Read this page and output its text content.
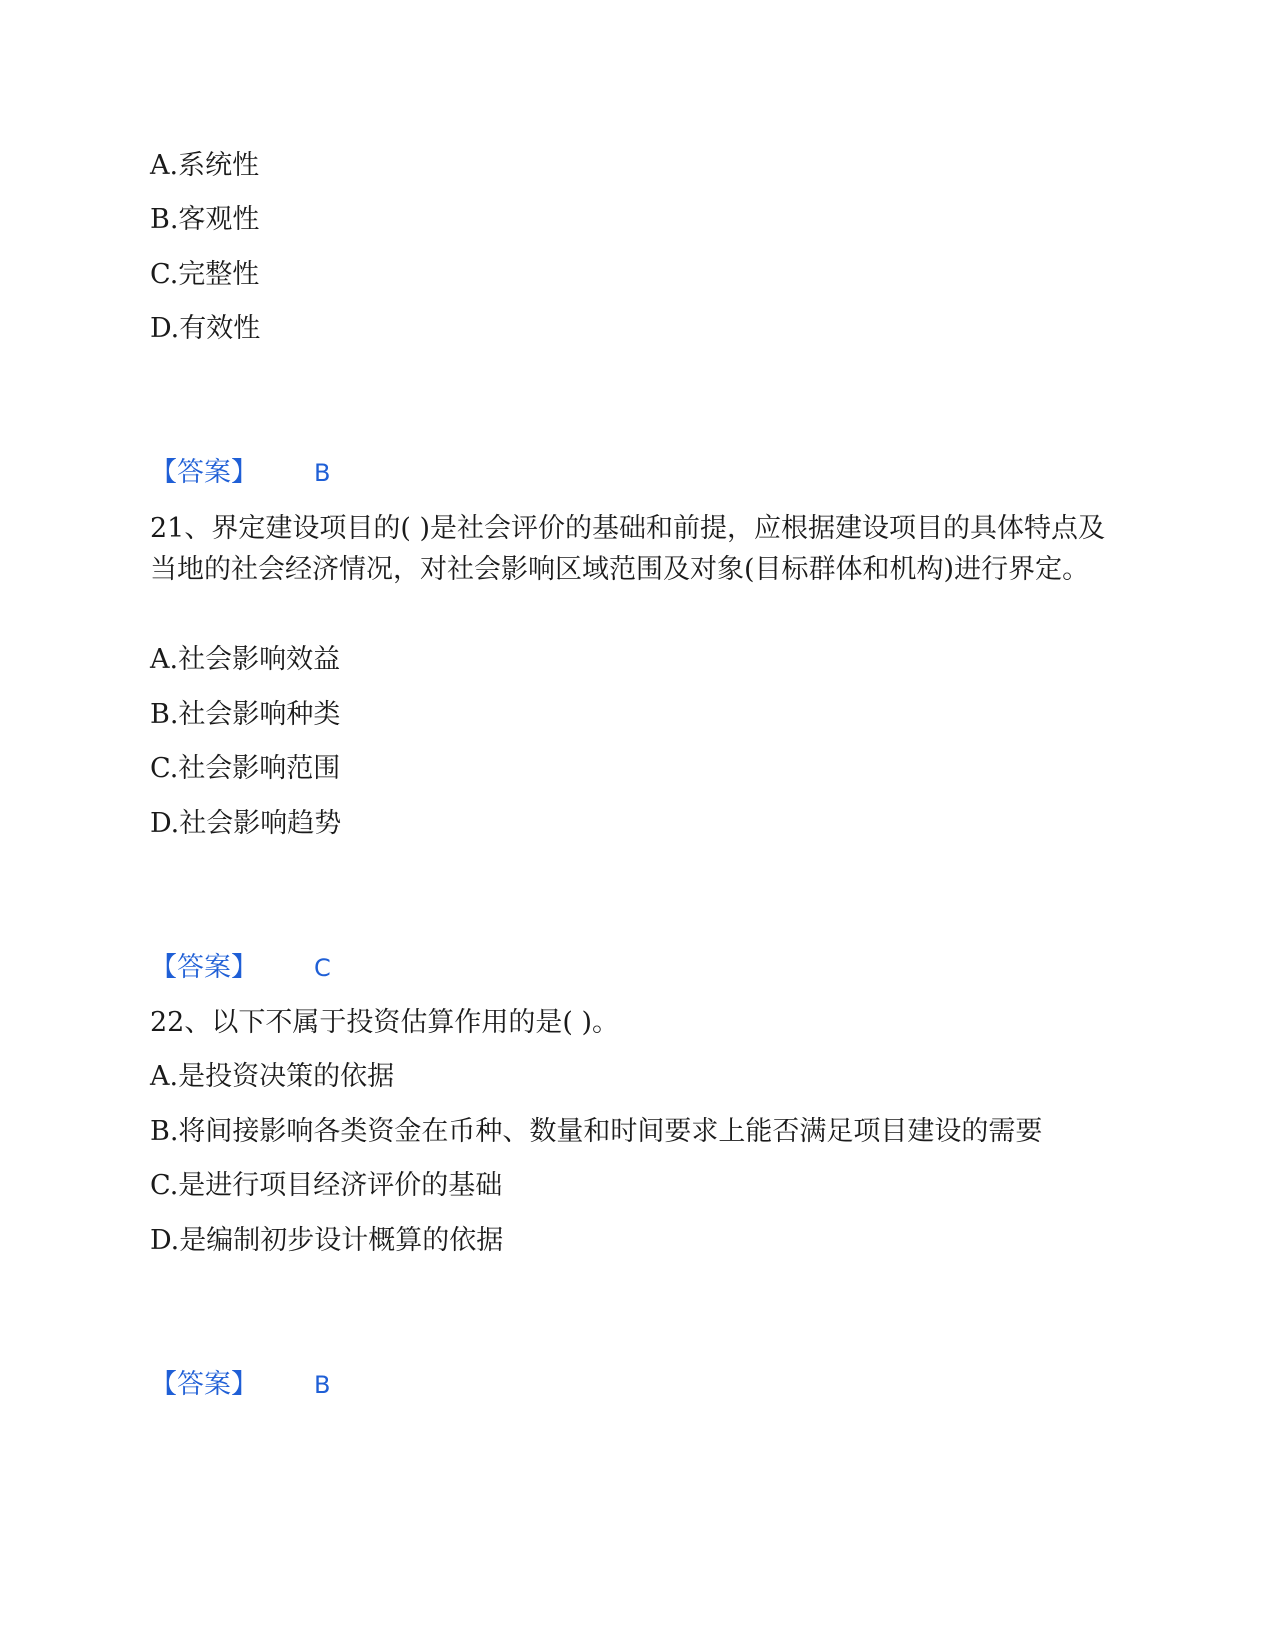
A.系统性
B.客观性
C.完整性
D.有效性
【答案】 B
21、界定建设项目的( )是社会评价的基础和前提，应根据建设项目的具体特点及当地的社会经济情况，对社会影响区域范围及对象(目标群体和机构)进行界定。
A.社会影响效益
B.社会影响种类
C.社会影响范围
D.社会影响趋势
【答案】 C
22、以下不属于投资估算作用的是( )。
A.是投资决策的依据
B.将间接影响各类资金在币种、数量和时间要求上能否满足项目建设的需要
C.是进行项目经济评价的基础
D.是编制初步设计概算的依据
【答案】 B
